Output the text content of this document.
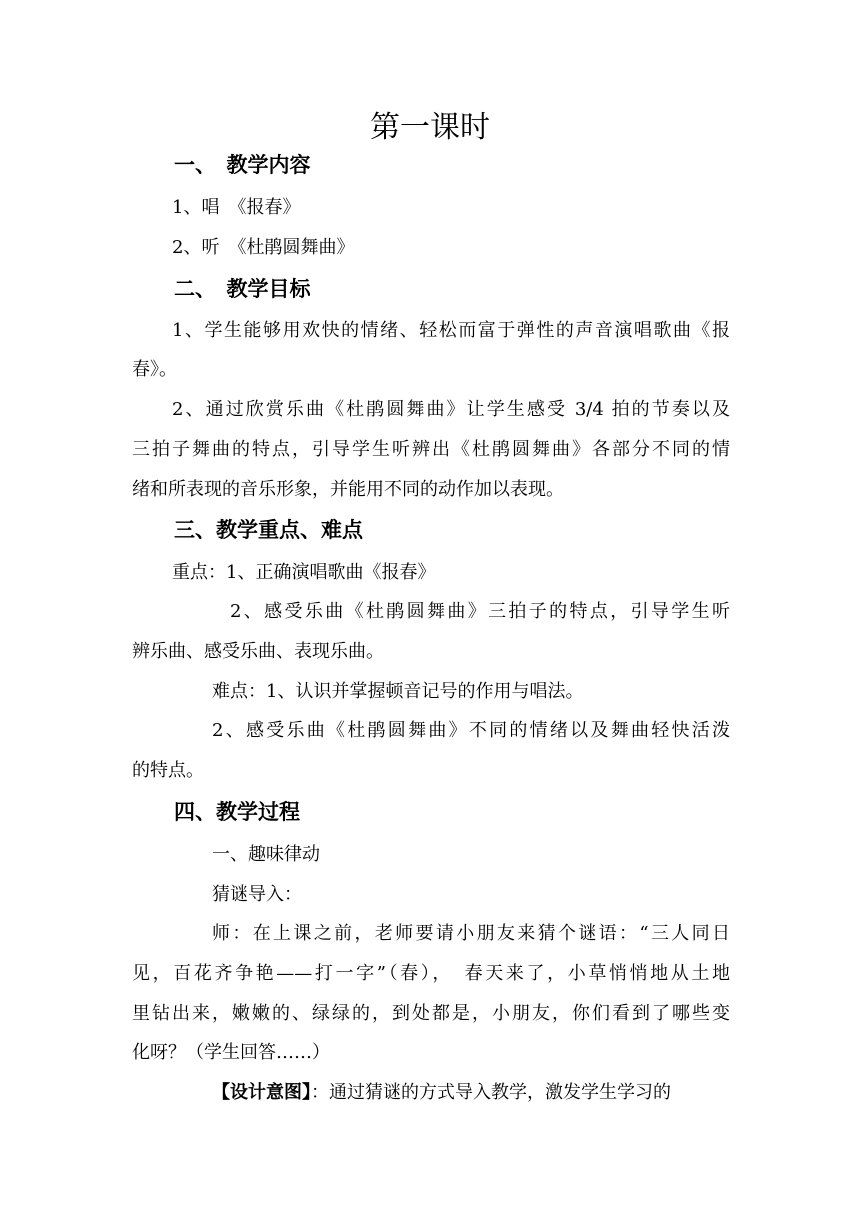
第一课时
一、　教学内容
1、唱　《报春》
2、听　《杜鹃圆舞曲》
二、　教学目标
1、学生能够用欢快的情绪、轻松而富于弹性的声音演唱歌曲《报
春》。
2、通过欣赏乐曲《杜鹃圆舞曲》让学生感受 3/4 拍的节奏以及
三拍子舞曲的特点，引导学生听辨出《杜鹃圆舞曲》各部分不同的情
绪和所表现的音乐形象，并能用不同的动作加以表现。
三、教学重点、难点
重点：1、正确演唱歌曲《报春》
2、感受乐曲《杜鹃圆舞曲》三拍子的特点，引导学生听
辨乐曲、感受乐曲、表现乐曲。
难点：1、认识并掌握顿音记号的作用与唱法。
2、感受乐曲《杜鹃圆舞曲》不同的情绪以及舞曲轻快活泼
的特点。
四、教学过程
一、趣味律动
猜谜导入：
师：在上课之前，老师要请小朋友来猜个谜语：“三人同日
见，百花齐争艳——打一字”（春），　春天来了，小草悄悄地从土地
里钻出来，嫩嫩的、绿绿的，到处都是，小朋友，你们看到了哪些变
化呀？（学生回答……）
【设计意图】：通过猜谜的方式导入教学，激发学生学习的
